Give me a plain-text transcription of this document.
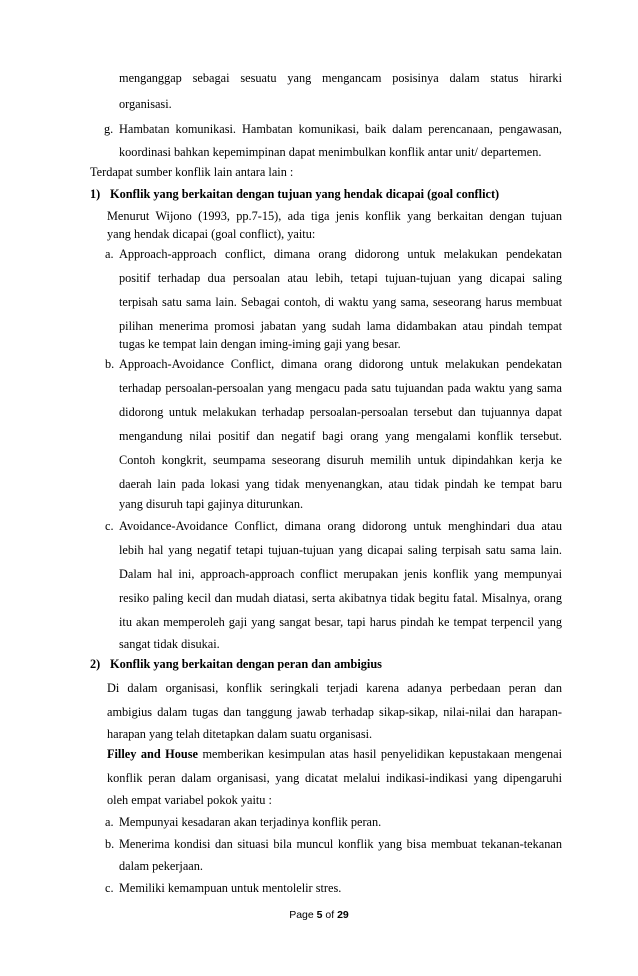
menganggap sebagai sesuatu yang mengancam posisinya dalam status hirarki
organisasi.
g. Hambatan komunikasi. Hambatan komunikasi, baik dalam perencanaan, pengawasan,
koordinasi bahkan kepemimpinan dapat menimbulkan konflik antar unit/ departemen.
Terdapat sumber konflik lain antara lain :
1) Konflik yang berkaitan dengan tujuan yang hendak dicapai (goal conflict)
Menurut Wijono (1993, pp.7-15), ada tiga jenis konflik yang berkaitan dengan tujuan
yang hendak dicapai (goal conflict), yaitu:
a. Approach-approach conflict, dimana orang didorong untuk melakukan pendekatan
positif terhadap dua persoalan atau lebih, tetapi tujuan-tujuan yang dicapai saling
terpisah satu sama lain. Sebagai contoh, di waktu yang sama, seseorang harus membuat
pilihan menerima promosi jabatan yang sudah lama didambakan atau pindah tempat
tugas ke tempat lain dengan iming-iming gaji yang besar.
b. Approach-Avoidance Conflict, dimana orang didorong untuk melakukan pendekatan
terhadap persoalan-persoalan yang mengacu pada satu tujuandan pada waktu yang sama
didorong untuk melakukan terhadap persoalan-persoalan tersebut dan tujuannya dapat
mengandung nilai positif dan negatif bagi orang yang mengalami konflik tersebut.
Contoh kongkrit, seumpama seseorang disuruh memilih untuk dipindahkan kerja ke
daerah lain pada lokasi yang tidak menyenangkan, atau tidak pindah ke tempat baru
yang disuruh tapi gajinya diturunkan.
c. Avoidance-Avoidance Conflict, dimana orang didorong untuk menghindari dua atau
lebih hal yang negatif tetapi tujuan-tujuan yang dicapai saling terpisah satu sama lain.
Dalam hal ini, approach-approach conflict merupakan jenis konflik yang mempunyai
resiko paling kecil dan mudah diatasi, serta akibatnya tidak begitu fatal. Misalnya, orang
itu akan memperoleh gaji yang sangat besar, tapi harus pindah ke tempat terpencil yang
sangat tidak disukai.
2) Konflik yang berkaitan dengan peran dan ambigius
Di dalam organisasi, konflik seringkali terjadi karena adanya perbedaan peran dan
ambigius dalam tugas dan tanggung jawab terhadap sikap-sikap, nilai-nilai dan harapan-
harapan yang telah ditetapkan dalam suatu organisasi.
Filley and House memberikan kesimpulan atas hasil penyelidikan kepustakaan mengenai
konflik peran dalam organisasi, yang dicatat melalui indikasi-indikasi yang dipengaruhi
oleh empat variabel pokok yaitu :
a. Mempunyai kesadaran akan terjadinya konflik peran.
b. Menerima kondisi dan situasi bila muncul konflik yang bisa membuat tekanan-tekanan
dalam pekerjaan.
c. Memiliki kemampuan untuk mentolelir stres.
Page 5 of 29
